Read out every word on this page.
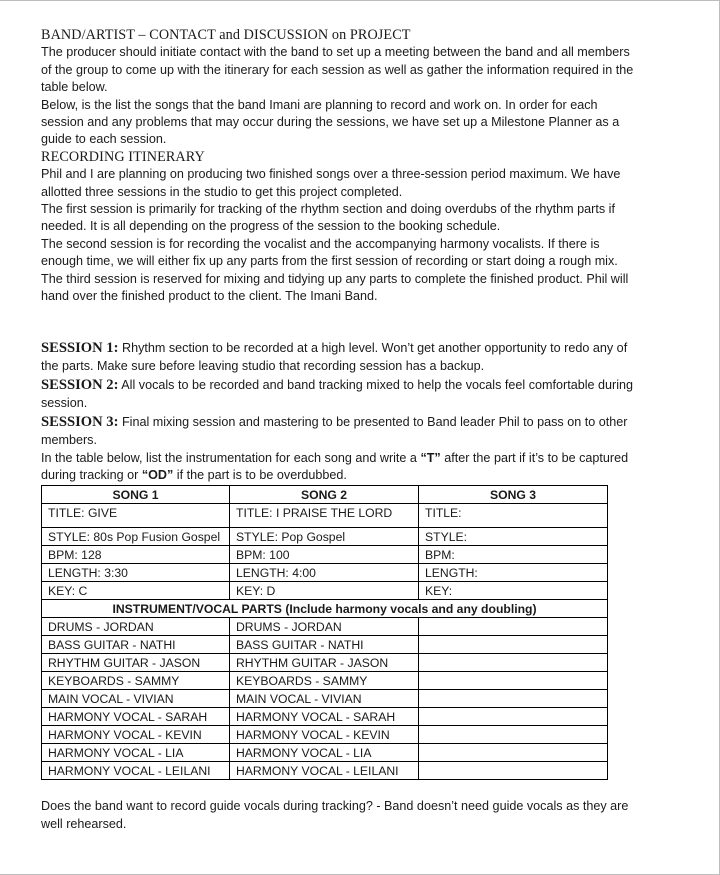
BAND/ARTIST – CONTACT and DISCUSSION on PROJECT

The producer should initiate contact with the band to set up a meeting between the band and all members of the group to come up with the itinerary for each session as well as gather the information required in the table below.

Below, is the list the songs that the band Imani are planning to record and work on. In order for each session and any problems that may occur during the sessions, we have set up a Milestone Planner as a guide to each session.

RECORDING ITINERARY

Phil and I are planning on producing two finished songs over a three-session period maximum. We have allotted three sessions in the studio to get this project completed.

The first session is primarily for tracking of the rhythm section and doing overdubs of the rhythm parts if needed. It is all depending on the progress of the session to the booking schedule.

The second session is for recording the vocalist and the accompanying harmony vocalists. If there is enough time, we will either fix up any parts from the first session of recording or start doing a rough mix.

The third session is reserved for mixing and tidying up any parts to complete the finished product. Phil will hand over the finished product to the client. The Imani Band.

SESSION 1: Rhythm section to be recorded at a high level. Won’t get another opportunity to redo any of the parts. Make sure before leaving studio that recording session has a backup.

SESSION 2: All vocals to be recorded and band tracking mixed to help the vocals feel comfortable during session.

SESSION 3: Final mixing session and mastering to be presented to Band leader Phil to pass on to other members.

In the table below, list the instrumentation for each song and write a “T” after the part if it’s to be captured during tracking or “OD” if the part is to be overdubbed.

SONG 1	SONG 2	SONG 3
TITLE: GIVE	TITLE: I PRAISE THE LORD	TITLE:
STYLE: 80s Pop Fusion Gospel	STYLE: Pop Gospel	STYLE:
BPM: 128	BPM: 100	BPM:
LENGTH: 3:30	LENGTH: 4:00	LENGTH:
KEY: C	KEY: D	KEY:
INSTRUMENT/VOCAL PARTS (Include harmony vocals and any doubling)		
DRUMS - JORDAN	DRUMS - JORDAN	
BASS GUITAR - NATHI	BASS GUITAR - NATHI	
RHYTHM GUITAR - JASON	RHYTHM GUITAR - JASON	
KEYBOARDS - SAMMY	KEYBOARDS - SAMMY	
MAIN VOCAL - VIVIAN	MAIN VOCAL - VIVIAN	
HARMONY VOCAL - SARAH	HARMONY VOCAL - SARAH	
HARMONY VOCAL - KEVIN	HARMONY VOCAL - KEVIN	
HARMONY VOCAL - LIA	HARMONY VOCAL - LIA	
HARMONY VOCAL - LEILANI	HARMONY VOCAL - LEILANI	

Does the band want to record guide vocals during tracking? - Band doesn’t need guide vocals as they are well rehearsed.
